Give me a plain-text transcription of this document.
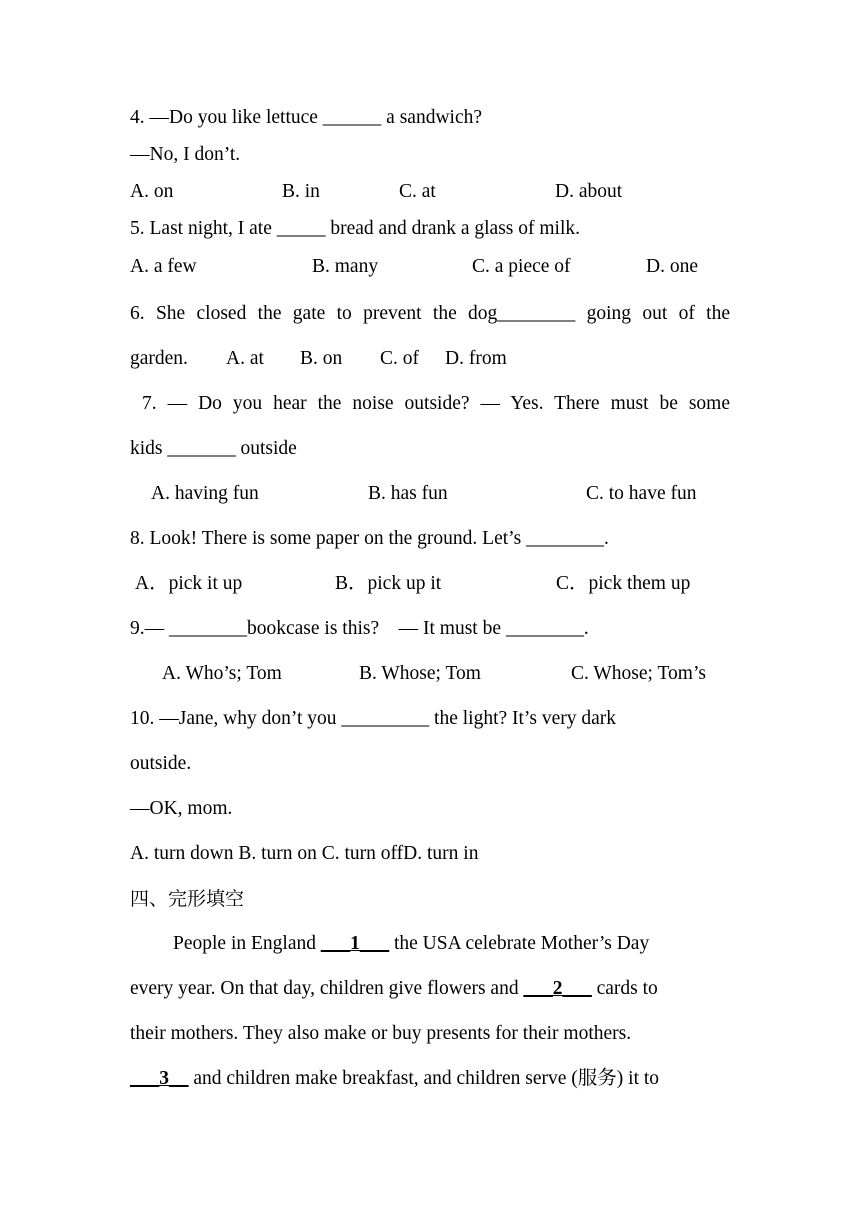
4. —Do you like lettuce ______ a sandwich?
—No, I don’t.
A. on	B. in	C. at	D. about
5. Last night, I ate _____ bread and drank a glass of milk.
A. a few	B. many	C. a piece of	D. one
6. She closed the gate to prevent the dog________ going out of the
garden. A. at B. on C. of D. from
7. — Do you hear the noise outside? — Yes. There must be some
kids _______ outside
A. having fun	B. has fun	C. to have fun
8. Look! There is some paper on the ground. Let’s ________.
A．pick it up	B．pick up it	C．pick them up
9.— ________bookcase is this?    — It must be ________.
A. Who’s; Tom	B. Whose; Tom	C. Whose; Tom’s
10. —Jane, why don’t you _________ the light? It’s very dark
outside.
—OK, mom.
A. turn down B. turn on C. turn offD. turn in
四、完形填空
People in England ___1___ the USA celebrate Mother’s Day
every year. On that day, children give flowers and ___2___ cards to
their mothers. They also make or buy presents for their mothers.
___3__ and children make breakfast, and children serve (服务) it to
